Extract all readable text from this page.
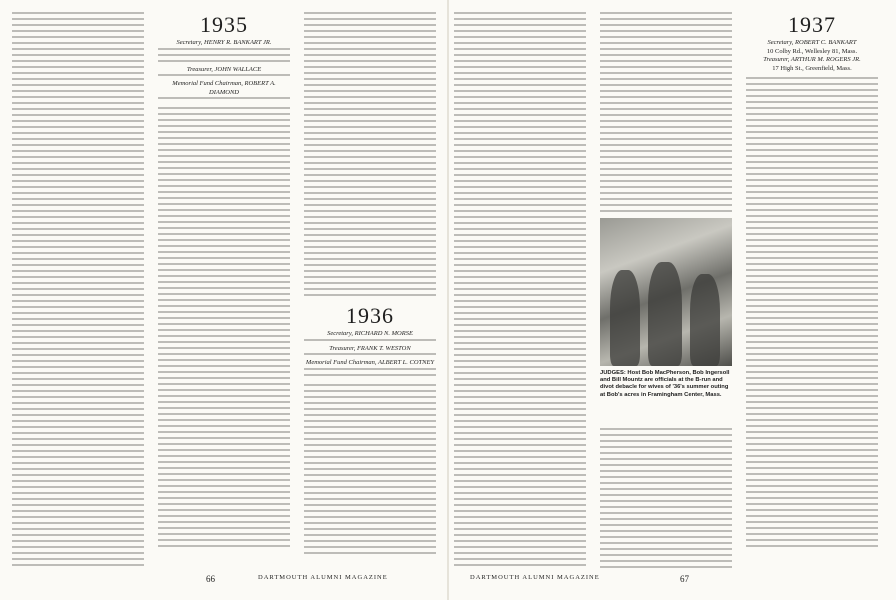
1935
Secretary, HENRY R. BANKART JR.
Treasurer, JOHN WALLACE
Memorial Fund Chairman, ROBERT A. DIAMOND
1936
Secretary, RICHARD N. MORSE
Treasurer, FRANK T. WESTON
Memorial Fund Chairman, ALBERT L. COTNEY
66	DARTMOUTH ALUMNI MAGAZINE
JUDGES: Host Bob MacPherson, Bob Ingersoll and Bill Mountz are officials at the B-run and divot debacle for wives of '36's summer outing at Bob's acres in Framingham Center, Mass.
1937
Secretary, ROBERT C. BANKART
10 Colby Rd., Wellesley 81, Mass.
Treasurer, ARTHUR M. ROGERS JR.
17 High St., Greenfield, Mass.
DARTMOUTH ALUMNI MAGAZINE	67
